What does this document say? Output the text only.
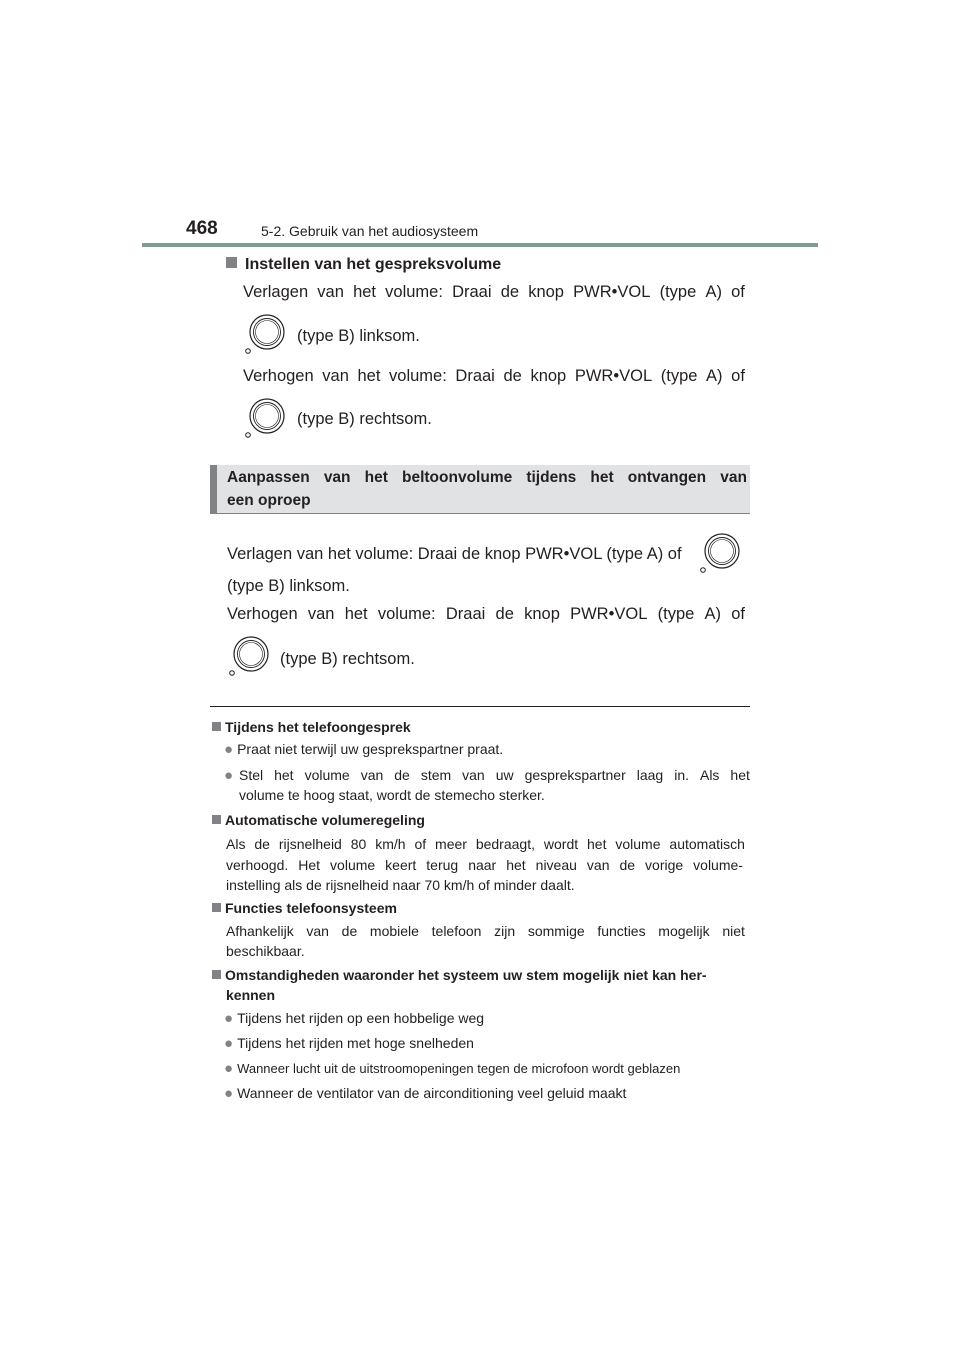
468	5-2. Gebruik van het audiosysteem
Instellen van het gespreksvolume
Verlagen van het volume: Draai de knop PWR•VOL (type A) of
(type B) linksom.
Verhogen van het volume: Draai de knop PWR•VOL (type A) of
(type B) rechtsom.
Aanpassen van het beltoonvolume tijdens het ontvangen van
een oproep
Verlagen van het volume: Draai de knop PWR•VOL (type A) of
(type B) linksom.
Verhogen van het volume: Draai de knop PWR•VOL (type A) of
(type B) rechtsom.
Tijdens het telefoongesprek
● Praat niet terwijl uw gesprekspartner praat.
● Stel het volume van de stem van uw gesprekspartner laag in. Als het
volume te hoog staat, wordt de stemecho sterker.
Automatische volumeregeling
Als de rijsnelheid 80 km/h of meer bedraagt, wordt het volume automatisch
verhoogd. Het volume keert terug naar het niveau van de vorige volume-
instelling als de rijsnelheid naar 70 km/h of minder daalt.
Functies telefoonsysteem
Afhankelijk van de mobiele telefoon zijn sommige functies mogelijk niet
beschikbaar.
Omstandigheden waaronder het systeem uw stem mogelijk niet kan her-
kennen
● Tijdens het rijden op een hobbelige weg
● Tijdens het rijden met hoge snelheden
● Wanneer lucht uit de uitstroomopeningen tegen de microfoon wordt geblazen
● Wanneer de ventilator van de airconditioning veel geluid maakt
